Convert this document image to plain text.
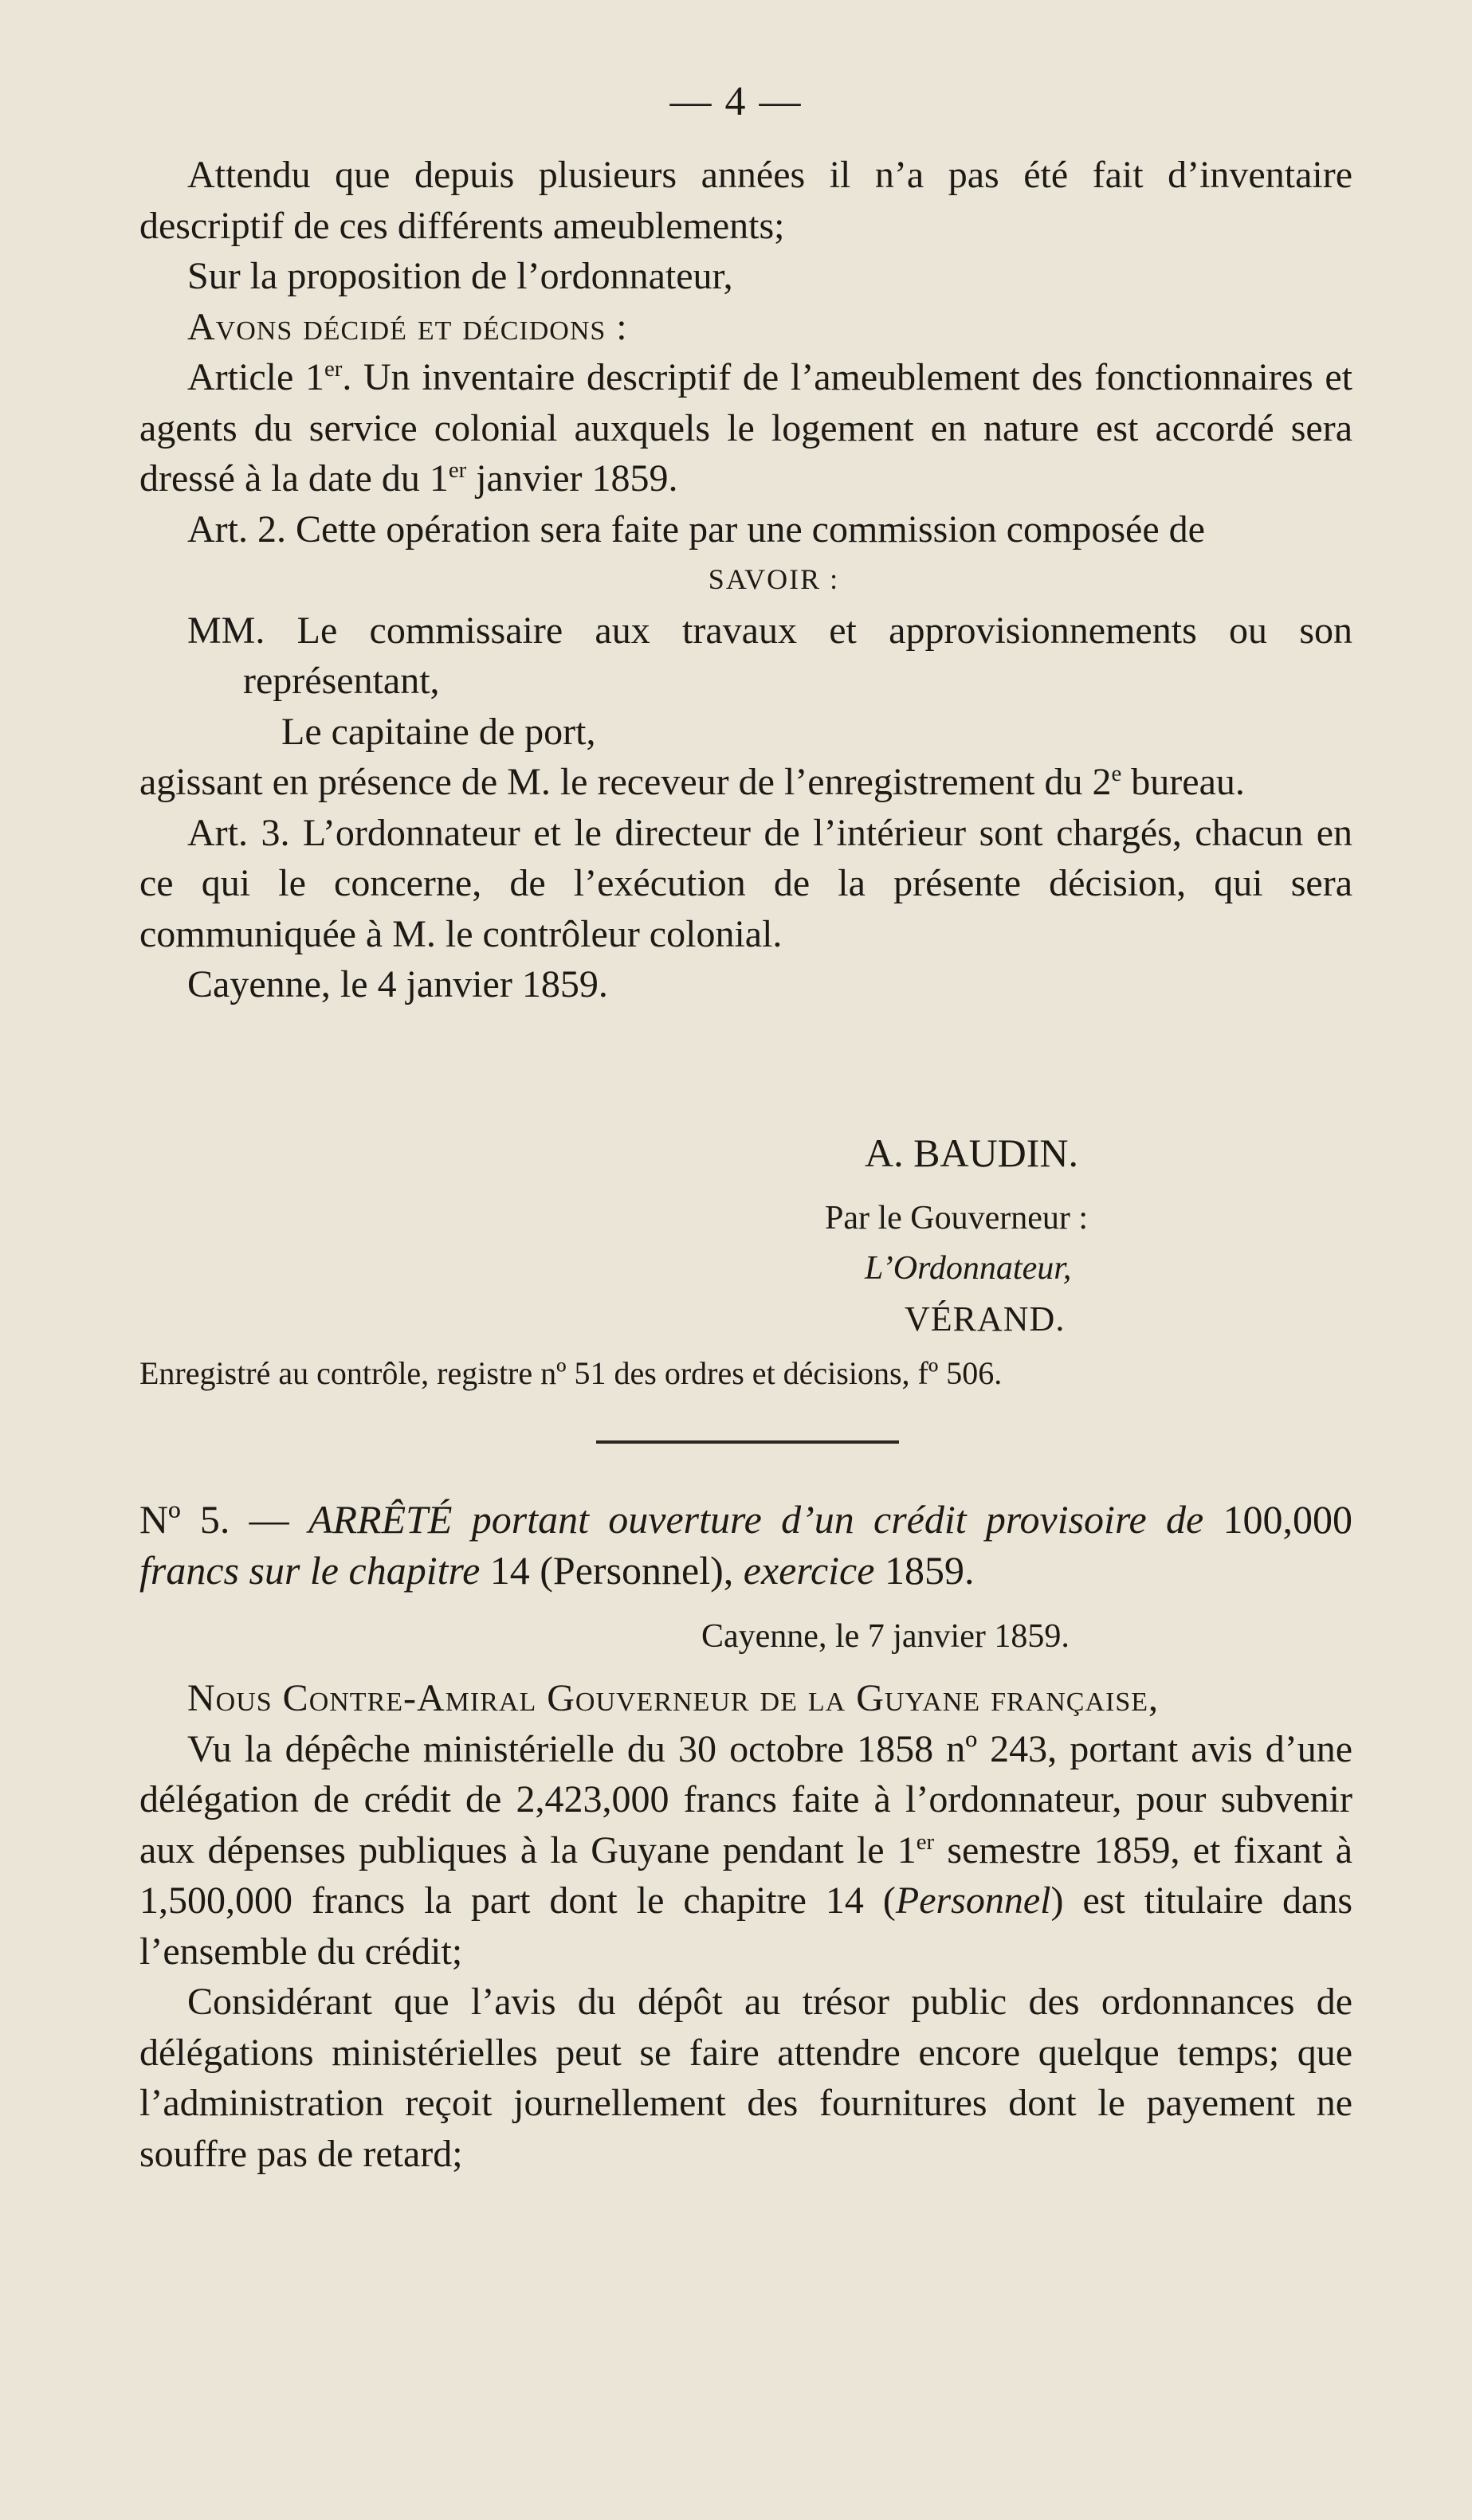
— 4 —

Attendu que depuis plusieurs années il n’a pas été fait d’inventaire descriptif de ces différents ameublements;

Sur la proposition de l’ordonnateur,

Avons décidé et décidons :

Article 1er. Un inventaire descriptif de l’ameublement des fonctionnaires et agents du service colonial auxquels le logement en nature est accordé sera dressé à la date du 1er janvier 1859.

Art. 2. Cette opération sera faite par une commission composée de

SAVOIR :
MM. Le commissaire aux travaux et approvisionnements ou son représentant,
Le capitaine de port,

agissant en présence de M. le receveur de l’enregistrement du 2e bureau.

Art. 3. L’ordonnateur et le directeur de l’intérieur sont chargés, chacun en ce qui le concerne, de l’exécution de la présente décision, qui sera communiquée à M. le contrôleur colonial.

Cayenne, le 4 janvier 1859.

A. BAUDIN.
Par le Gouverneur :
L’Ordonnateur,
VÉRAND.
Enregistré au contrôle, registre nº 51 des ordres et décisions, fº 506.
Nº 5. — ARRÊTÉ portant ouverture d’un crédit provisoire de 100,000 francs sur le chapitre 14 (Personnel), exercice 1859.
Cayenne, le 7 janvier 1859.

Nous Contre-Amiral Gouverneur de la Guyane française,

Vu la dépêche ministérielle du 30 octobre 1858 nº 243, portant avis d’une délégation de crédit de 2,423,000 francs faite à l’ordonnateur, pour subvenir aux dépenses publiques à la Guyane pendant le 1er semestre 1859, et fixant à 1,500,000 francs la part dont le chapitre 14 (Personnel) est titulaire dans l’ensemble du crédit;

Considérant que l’avis du dépôt au trésor public des ordonnances de délégations ministérielles peut se faire attendre encore quelque temps; que l’administration reçoit journellement des fournitures dont le payement ne souffre pas de retard;
